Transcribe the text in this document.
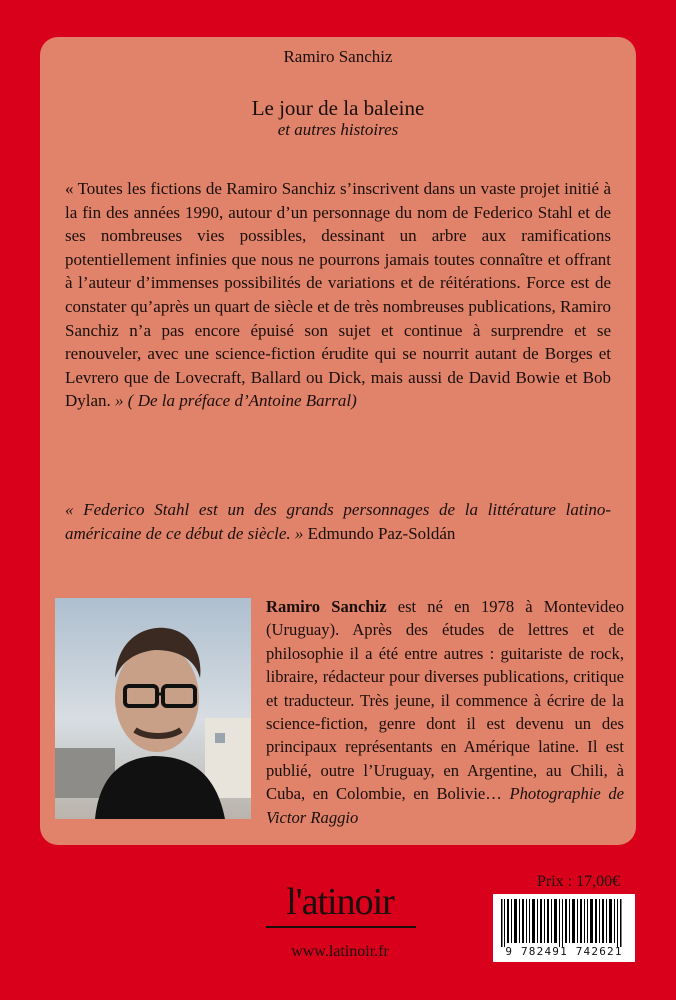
Ramiro Sanchiz
Le jour de la baleine
et autres histoires

« Toutes les fictions de Ramiro Sanchiz s’inscrivent dans un vaste projet initié à la fin des années 1990, autour d’un personnage du nom de Federico Stahl et de ses nombreuses vies possibles, dessinant un arbre aux ramifications potentiellement infinies que nous ne pourrons jamais toutes connaître et offrant à l’auteur d’immenses possibilités de variations et de réitérations. Force est de constater qu’après un quart de siècle et de très nombreuses publications, Ramiro Sanchiz n’a pas encore épuisé son sujet et continue à surprendre et se renouveler, avec une science-fiction érudite qui se nourrit autant de Borges et Levrero que de Lovecraft, Ballard ou Dick, mais aussi de David Bowie et Bob Dylan. » ( De la préface d’Antoine Barral)

« Federico Stahl est un des grands personnages de la littérature latino-américaine de ce début de siècle. » Edmundo Paz-Soldán

Ramiro Sanchiz est né en 1978 à Montevideo (Uruguay). Après des études de lettres et de philosophie il a été entre autres : guitariste de rock, libraire, rédacteur pour diverses publications, critique et traducteur. Très jeune, il commence à écrire de la science-fiction, genre dont il est devenu un des principaux représentants en Amérique latine. Il est publié, outre l’Uruguay, en Argentine, au Chili, à Cuba, en Colombie, en Bolivie… Photographie de Victor Raggio

l'atinoir
www.latinoir.fr
Prix : 17,00€
9 782491 742621
